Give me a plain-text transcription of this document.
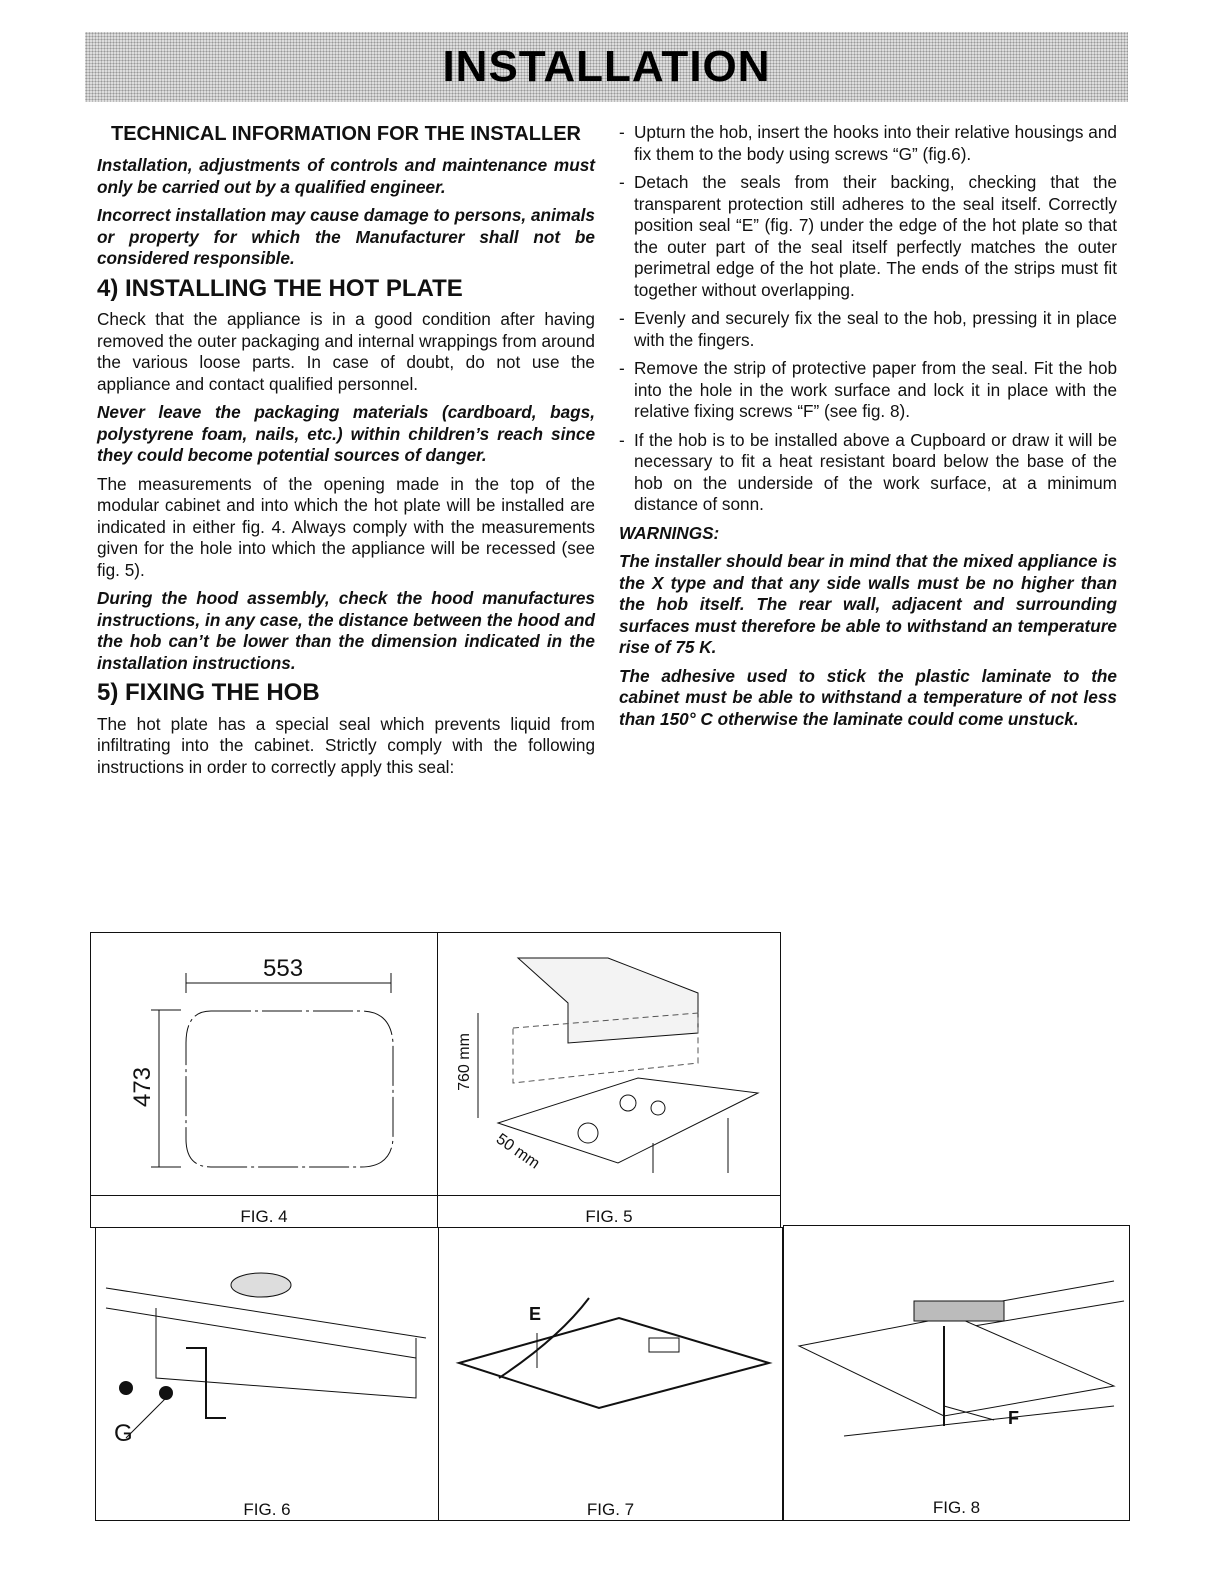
INSTALLATION
TECHNICAL INFORMATION FOR THE INSTALLER

Installation, adjustments of controls and maintenance must only be carried out by a qualified engineer.

Incorrect installation may cause damage to persons, animals or property for which the Manufacturer shall not be considered responsible.

4) INSTALLING THE HOT PLATE

Check that the appliance is in a good condition after having removed the outer packaging and internal wrappings from around the various loose parts. In case of doubt, do not use the appliance and contact qualified personnel.

Never leave the packaging materials (cardboard, bags, polystyrene foam, nails, etc.) within children’s reach since they could become potential sources of danger.

The measurements of the opening made in the top of the modular cabinet and into which the hot plate will be installed are indicated in either fig. 4. Always comply with the measurements given for the hole into which the appliance will be recessed (see fig. 5).

During the hood assembly, check the hood manufactures instructions, in any case, the distance between the hood and the hob can’t be lower than the dimension indicated in the installation instructions.

5) FIXING THE HOB

The hot plate has a special seal which prevents liquid from infiltrating into the cabinet. Strictly comply with the following instructions in order to correctly apply this seal:

- Upturn the hob, insert the hooks into their relative housings and fix them to the body using screws “G” (fig.6).
- Detach the seals from their backing, checking that the transparent protection still adheres to the seal itself. Correctly position seal “E” (fig. 7) under the edge of the hot plate so that the outer part of the seal itself perfectly matches the outer perimetral edge of the hot plate. The ends of the strips must fit together without overlapping.
- Evenly and securely fix the seal to the hob, pressing it in place with the fingers.
- Remove the strip of protective paper from the seal. Fit the hob into the hole in the work surface and lock it in place with the relative fixing screws “F” (see fig. 8).
- If the hob is to be installed above a Cupboard or draw it will be necessary to fit a heat resistant board below the base of the hob on the underside of the work surface, at a minimum distance of sonn.

WARNINGS:

The installer should bear in mind that the mixed appliance is the X type and that any side walls must be no higher than the hob itself. The rear wall, adjacent and surrounding surfaces must therefore be able to withstand an temperature rise of 75 K.

The adhesive used to stick the plastic laminate to the cabinet must be able to withstand a temperature of not less than 150° C otherwise the laminate could come unstuck.

553
473
FIG. 4
760 mm
50 mm
FIG. 5
G
FIG. 6
E
FIG. 7
F
FIG. 8
